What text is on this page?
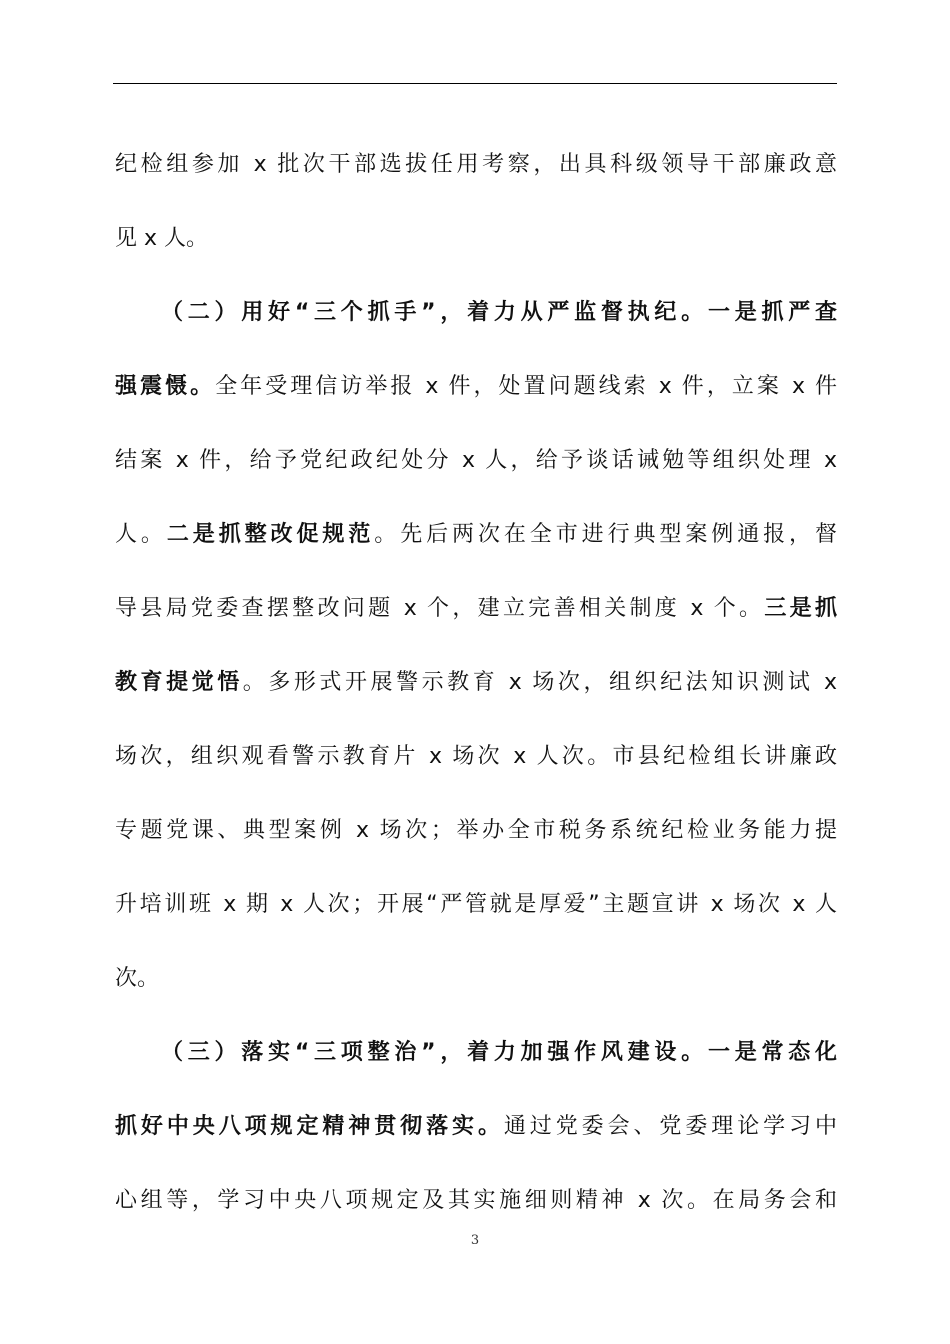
纪检组参加 x 批次干部选拔任用考察，出具科级领导干部廉政意
见 x 人。
（二）用好“三个抓手”，着力从严监督执纪。一是抓严查
强震慑。全年受理信访举报 x 件，处置问题线索 x 件，立案 x 件
结案 x 件，给予党纪政纪处分 x 人，给予谈话诫勉等组织处理 x
人。二是抓整改促规范。先后两次在全市进行典型案例通报，督
导县局党委查摆整改问题 x 个，建立完善相关制度 x 个。三是抓
教育提觉悟。多形式开展警示教育 x 场次，组织纪法知识测试 x
场次，组织观看警示教育片 x 场次 x 人次。市县纪检组长讲廉政
专题党课、典型案例 x 场次；举办全市税务系统纪检业务能力提
升培训班 x 期 x 人次；开展“严管就是厚爱”主题宣讲 x 场次 x 人
次。
（三）落实“三项整治”，着力加强作风建设。一是常态化
抓好中央八项规定精神贯彻落实。通过党委会、党委理论学习中
心组等，学习中央八项规定及其实施细则精神 x 次。在局务会和
3
